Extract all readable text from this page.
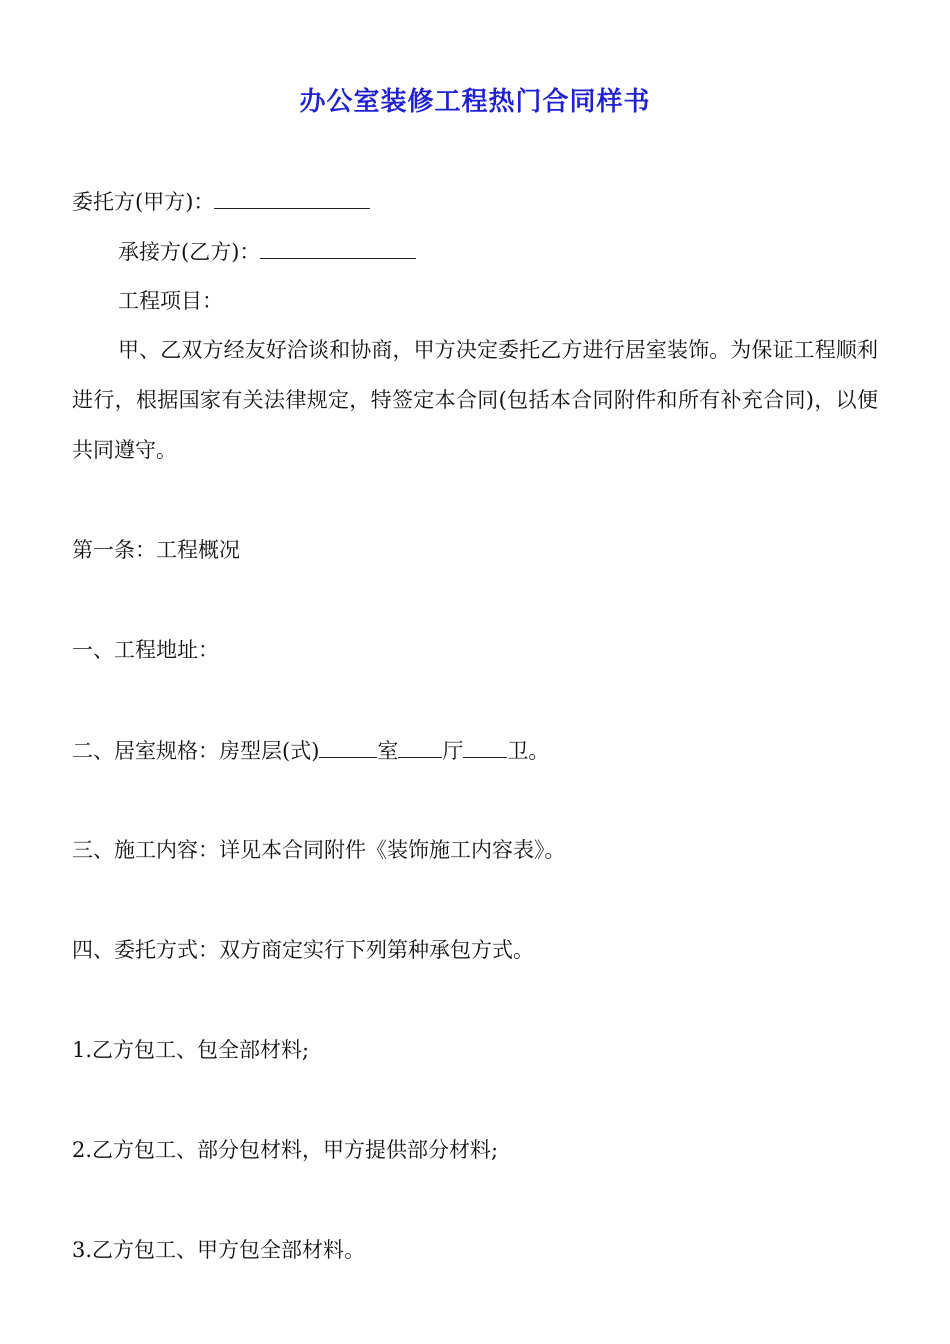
办公室装修工程热门合同样书
委托方(甲方)：
承接方(乙方)：
工程项目：
甲、乙双方经友好洽谈和协商，甲方决定委托乙方进行居室装饰。为保证工程顺利进行，根据国家有关法律规定，特签定本合同(包括本合同附件和所有补充合同)，以便共同遵守。
第一条：工程概况
一、工程地址：
二、居室规格：房型层(式)	室 厅 卫。
三、施工内容：详见本合同附件《装饰施工内容表》。
四、委托方式：双方商定实行下列第种承包方式。
1.乙方包工、包全部材料;
2.乙方包工、部分包材料，甲方提供部分材料;
3.乙方包工、甲方包全部材料。
